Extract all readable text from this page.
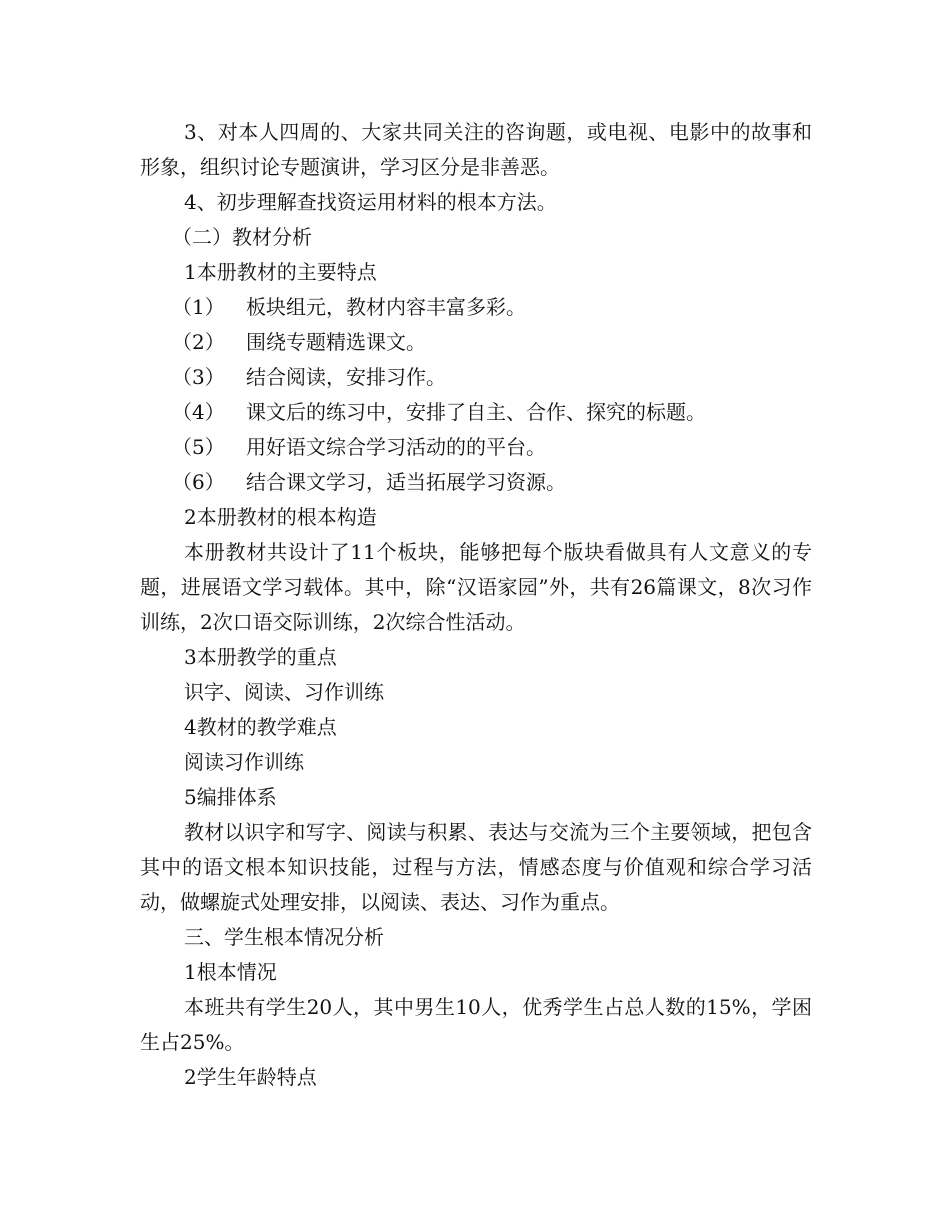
3、对本人四周的、大家共同关注的咨询题，或电视、电影中的故事和形象，组织讨论专题演讲，学习区分是非善恶。

4、初步理解查找资运用材料的根本方法。

（二）教材分析

1本册教材的主要特点

（1） 板块组元，教材内容丰富多彩。

（2） 围绕专题精选课文。

（3） 结合阅读，安排习作。

（4） 课文后的练习中，安排了自主、合作、探究的标题。

（5） 用好语文综合学习活动的的平台。

（6） 结合课文学习，适当拓展学习资源。

2本册教材的根本构造

本册教材共设计了11个板块，能够把每个版块看做具有人文意义的专题，进展语文学习载体。其中，除“汉语家园”外，共有26篇课文，8次习作训练，2次口语交际训练，2次综合性活动。

3本册教学的重点

识字、阅读、习作训练

4教材的教学难点

阅读习作训练

5编排体系

教材以识字和写字、阅读与积累、表达与交流为三个主要领域，把包含其中的语文根本知识技能，过程与方法，情感态度与价值观和综合学习活动，做螺旋式处理安排，以阅读、表达、习作为重点。

三、学生根本情况分析

1根本情况

本班共有学生20人，其中男生10人，优秀学生占总人数的15%，学困生占25%。

2学生年龄特点
